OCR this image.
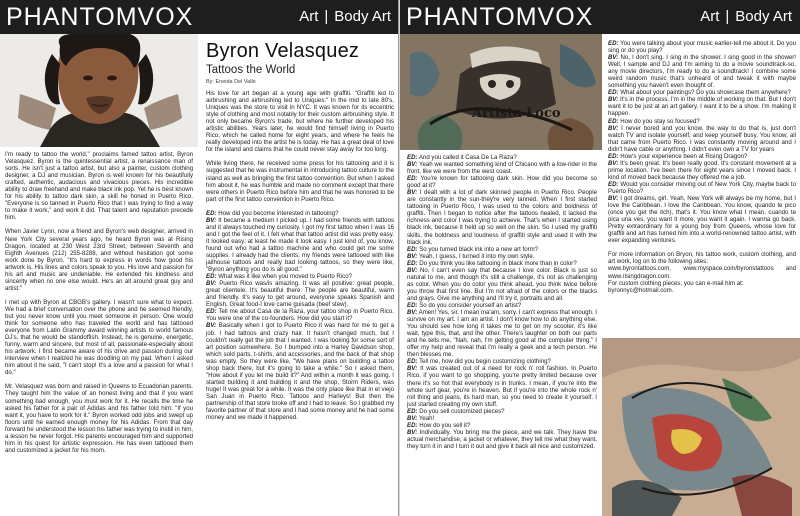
PHANTOMVOX

I'm ready to tattoo the world," proclaims famed tattoo artist, Byron Velasquez. Byron is the quintessential artist, a renaissance man of sorts. He isn't just a tattoo artist, but also a painter, custom clothing designer, a DJ and musician. Byron is well known for his beautifully crafted, authentic, audacious and vivacious pieces. His incredible ability to draw freehand and make black ink pop. Yet he is best known for his ability to tattoo dark skin, a skill he honed in Puerto Rico. "Everyone is so tanned in Puerto Rico that I was trying to find a way to make it work," and work it did. That talent and reputation precede him.

When Javier Lynn, now a friend and Byron's web designer, arrived in New York City several years ago, he heard Byron was at Rising Dragon, located at 230 West 23rd Street, between Seventh and Eighth Avenues (212) 255-8288, and without hesitation got some work done by Byron. "It's hard to express in words how good his artwork is. His lines and colors speak to you. His love and passion for his art and music are undeniable. He extended his kindness and sincerity when no one else would. He's an all around great guy and artist."

I met up with Byron at CBGB's gallery. I wasn't sure what to expect. We had a brief conversation over the phone and he seemed friendly, but you never know until you meet someone in person. One would think for someone who has traveled the world and has tattooed everyone from Latin Grammy award winning artists to world famous DJ's, that he would be standoffish. Instead, he is genuine, energetic, funny, warm and sincere, but most of all, passionate-especially about his artwork. I first became aware of his drive and passion during our interview when I realized he was doodling on my pad. When I asked him about it he said, "I can't stop! It's a love and a passion for what I do."

Mr. Velasquez was born and raised in Queens to Ecuadorian parents. They taught him the value of an honest living and that if you want something bad enough, you must work for it. He recalls the time he asked his father for a pair of Adidas and his father told him: "If you want it, you have to work for it." Byron worked odd jobs and swept up floors until he earned enough money for his Adidas. From that day forward he understood the lesson his father was trying to instill in him, a lesson he never forgot. His parents encouraged him and supported him in his quest for artistic expression. He has even tattooed them and customized a jacket for his mom.

Art | Body Art
Byron Velasquez
Tattoos the World
By: Eneida Del Valle

His love for art began at a young age with graffiti. "Graffiti led to airbrushing and airbrushing led to Uniques." In the mid to late 80's, Uniques was the store to visit in NYC. It was known for its eccentric style of clothing and most notably for their custom airbrushing style. It not only became Byron's trade, but where he further developed his artistic abilities. Years later, he would find himself living in Puerto Rico, which he called home for eight years, and where he feels he really developed into the artist he is today. He has a great deal of love for the island and claims that he could never stay away for too long.

While living there, he received some press for his tattooing and it is suggested that he was instrumental in introducing tattoo culture to the island as well as bringing the first tattoo convention. But when I asked him about it, he was humble and made no comment except that there were others in Puerto Rico before him and that he was honored to be part of the first tattoo convention in Puerto Rico.

ED: How did you become interested in tattooing?
BV: It became a medium I picked up. I had some friends with tattoos and it always touched my curiosity. I got my first tattoo when I was 16 and I got the feel of it. I felt what that tattoo artist did was pretty easy. It looked easy; at least he made it look easy. I just kind of, you know, found out who had a tattoo machine and who could get me some supplies. I already had the clients; my friends were tattooed with like jailhouse tattoos and really bad looking tattoos, so they were like, "Byron anything you do is all good."
ED: What was it like when you moved to Puerto Rico?
BV: Puerto Rico was/is amazing. It was all positive: great people, great clientele. It's beautiful there. The people are beautiful, warm and friendly. It's easy to get around, everyone speaks Spanish and English. Great food-I love carne guisada (beef stew).
ED: Tell me about Casa de la Raza, your tattoo shop in Puerto Rico. You were one of the co-founders. How did you start it?
BV: Basically when I got to Puerto Rico it was hard for me to get a job. I had tattoos and crazy hair. It hasn't changed much, but I couldn't really get the job that I wanted. I was looking for some sort of art position somewhere. So I bumped into a Harley Davidson shop, which sold parts, t-shirts, and accessories, and the back of that shop was empty. So they were like, "We have plans on building a tattoo shop back there, but it's going to take a while." So I asked them, "How about if you let me build it?" And within a month it was going. I started building it and building it and the shop, Storm Riders, was huge! It was great for a while. It was the only place like that in el viejo San Juan in Puerto Rico. Tattoos and Harleys! But then the partnership of that store broke off and I had to leave. So I grabbed my favorite partner of that store and I had some money and he had some money and we made it happened.
PHANTOMVOX
Artista Loco
ED: And you called it Casa De La Raza?
BV: Yeah we wanted something kind of Chicano with a low-rider in the front, like we were from the west coast.
ED: You're known for tattooing dark skin. How did you become so good at it?
BV: I dealt with a lot of dark skinned people in Puerto Rico. People are constantly in the sun-they're very tanned. When I first started tattooing in Puerto Rico, I was used to the colors and boldness of graffiti. Then I began to notice after the tattoos healed, it lacked the richness and color I was trying to achieve. That's when I started using black ink, because it held up so well on the skin. So I used my graffiti skills, the boldness and loudness of graffiti style and used it with the black ink.
ED: So you turned black ink into a new art form?
BV: Yeah, I guess, I turned it into my own style.
ED: Do you think you like tattooing in black more than in color?
BV: No, I can't even say that because I love color. Black is just so natural to me, and though it's still a challenge, it's not as challenging as color. When you do color you think ahead, you think twice before you throw that first line. But I'm not afraid of the colors or the blacks and grays. Give me anything and I'll try it, portraits and all.
ED: So do you consider yourself an artist?
BV: Amen! Yes, sir. I mean ma'am, sorry. I can't express that enough. I survive on my art. I am an artist. I don't know how to do anything else. You should see how long it takes me to get on my scooter, it's like wait, type this, that, and the other. There's laughter on both our parts and he tells me, "Nah, nah, I'm getting good at the computer thing." I offer my help and reveal that I'm really a geek and a tech person. He then blesses me.
ED: Tell me, how did you begin customizing clothing?
BV: It was created out of a need for rock n' roll fashion. In Puerto Rico, if you want to go shopping, you're pretty limited because over there it's so hot that everybody is in trunks. I mean, if you're into the whole surf gear, you're in heaven. But if you're into the whole rock n' roll thing and jeans, its hard man, so you need to create it yourself. I just started creating my own stuff.
ED: Do you sell customized pieces?
BV: Yeah!
ED: How do you sell it?
BV: Individually. You bring me the piece, and we talk. They have the actual merchandise, a jacket or whatever, they tell me what they want, they turn it in and I turn it out and give it back all nice and customized.
Art | Body Art
ED: You were talking about your music earlier-tell me about it. Do you sing or do you play?
BV: No, I don't sing. I sing in the shower. I sing good in the shower! Well, I sample and DJ and I'm aiming to do a movie soundtrack-so, any movie directors, I'm ready to do a soundtrack! I combine some weird random music that's unheard of and tweak it with maybe something you haven't even thought of.
ED: What about your paintings? Do you showcase them anywhere?
BV: It's in the process. I'm in the middle of working on that. But I don't want it to be just at an art gallery. I want it to be a show. I'm making it happen.
ED: How do you stay so focused?
BV: I never bored and you know, the way to do that is, just don't watch TV and isolate yourself, and keep yourself busy. You know, all that came from Puerto Rico. I was constantly moving around and I didn't have cable or anything. I didn't even own a TV for years
ED: How's your experience been at Rising Dragon?
BV: It's been great. It's been really good. It's constant movement at a prime location. I've been there for eight years since I moved back. I kind of moved back because they offered me a job.
ED: Would you consider moving out of New York City, maybe back to Puerto Rico?
BV: I got dreams, girl. Yeah, New York will always be my home, but I love the Caribbean. I love the Caribbean. You know, quando te pico (once you get the itch), that's it. You know what I mean, cuando te pica una ves, you want it more, you want it again. I wanna go back. Pretty extraordinary for a young boy from Queens, whose love for graffiti and art has turned him into a world-renowned tattoo artist, with ever expanding ventures.
For more information on Bryon, his tattoo work, custom clothing, and art work, log on to the following sites:
www.byrontattoos.com, www.myspace.com/byronstattoos and www.risingdragon.com.
For custom clothing pieces, you can e-mail him at:
byronnyc@hotmail.com.
